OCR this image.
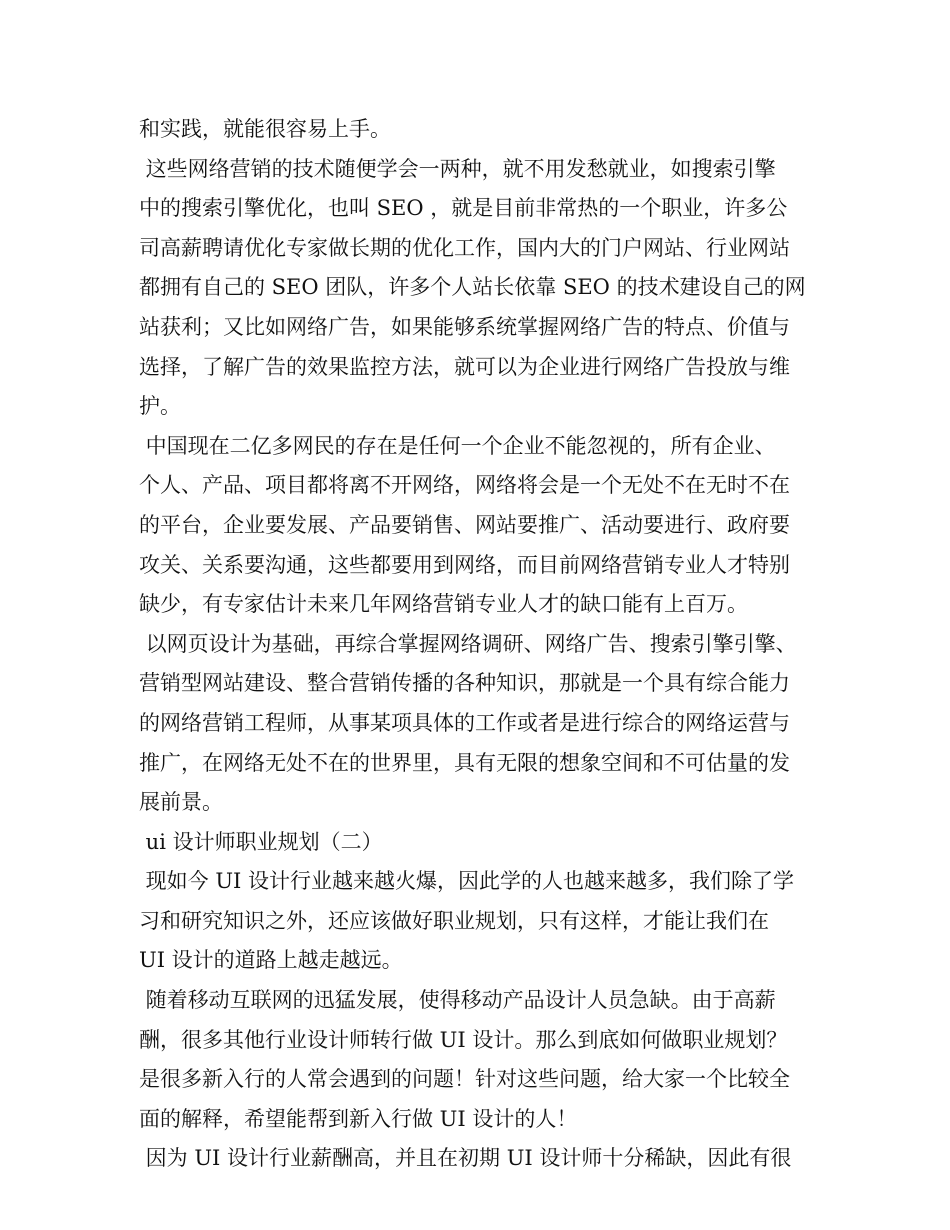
和实践，就能很容易上手。
这些网络营销的技术随便学会一两种，就不用发愁就业，如搜索引擎
中的搜索引擎优化，也叫 SEO ，就是目前非常热的一个职业，许多公
司高薪聘请优化专家做长期的优化工作，国内大的门户网站、行业网站
都拥有自己的 SEO 团队，许多个人站长依靠 SEO 的技术建设自己的网
站获利；又比如网络广告，如果能够系统掌握网络广告的特点、价值与
选择，了解广告的效果监控方法，就可以为企业进行网络广告投放与维
护。
中国现在二亿多网民的存在是任何一个企业不能忽视的，所有企业、
个人、产品、项目都将离不开网络，网络将会是一个无处不在无时不在
的平台，企业要发展、产品要销售、网站要推广、活动要进行、政府要
攻关、关系要沟通，这些都要用到网络，而目前网络营销专业人才特别
缺少，有专家估计未来几年网络营销专业人才的缺口能有上百万。
以网页设计为基础，再综合掌握网络调研、网络广告、搜索引擎引擎、
营销型网站建设、整合营销传播的各种知识，那就是一个具有综合能力
的网络营销工程师，从事某项具体的工作或者是进行综合的网络运营与
推广，在网络无处不在的世界里，具有无限的想象空间和不可估量的发
展前景。
ui 设计师职业规划（二）
现如今 UI 设计行业越来越火爆，因此学的人也越来越多，我们除了学
习和研究知识之外，还应该做好职业规划，只有这样，才能让我们在
UI 设计的道路上越走越远。
随着移动互联网的迅猛发展，使得移动产品设计人员急缺。由于高薪
酬，很多其他行业设计师转行做 UI 设计。那么到底如何做职业规划？
是很多新入行的人常会遇到的问题！针对这些问题，给大家一个比较全
面的解释，希望能帮到新入行做 UI 设计的人！
因为 UI 设计行业薪酬高，并且在初期 UI 设计师十分稀缺，因此有很
